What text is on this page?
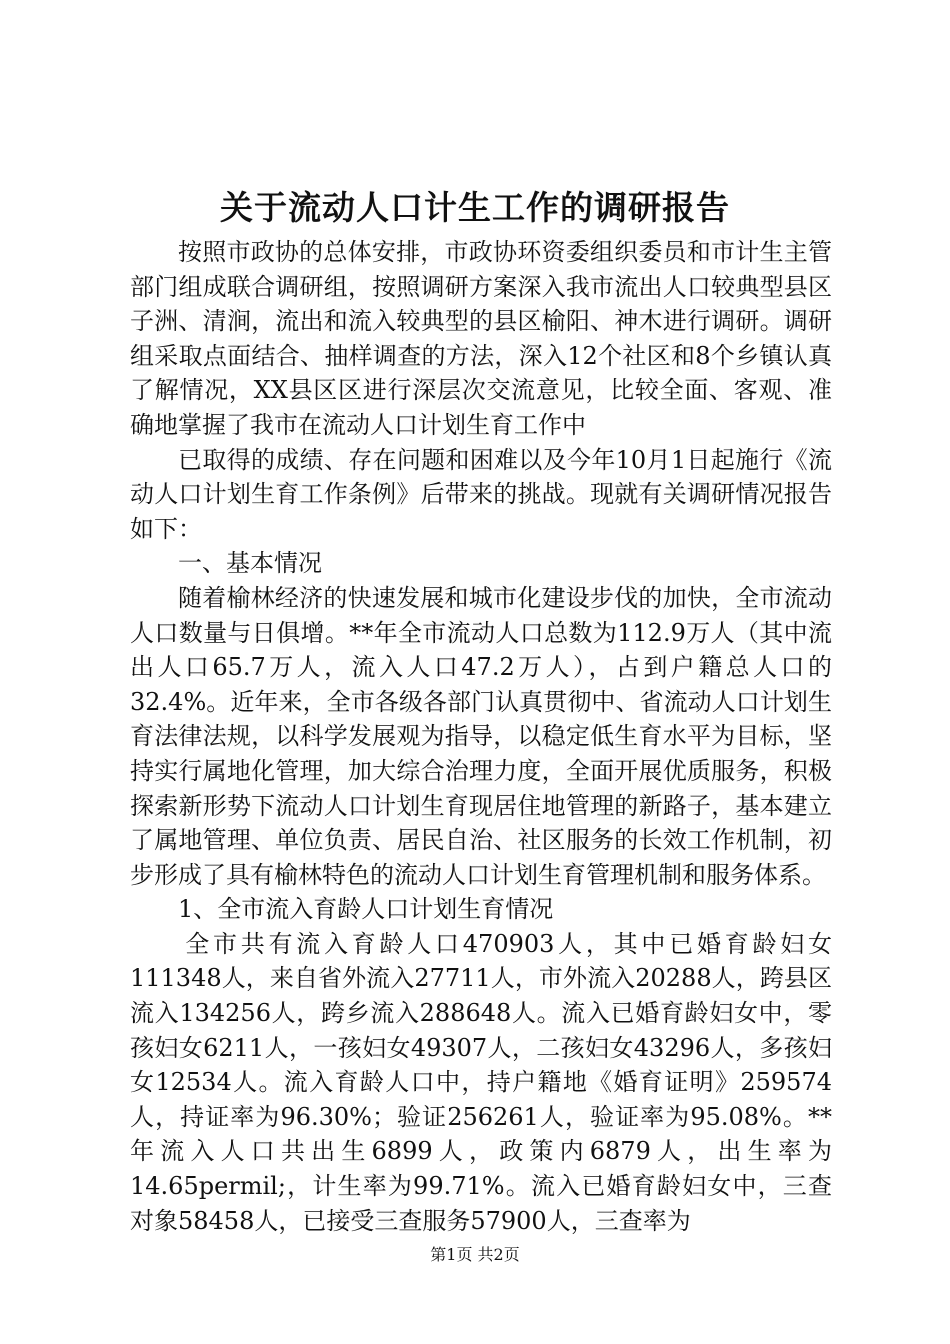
关于流动人口计生工作的调研报告

按照市政协的总体安排，市政协环资委组织委员和市计生主管部门组成联合调研组，按照调研方案深入我市流出人口较典型县区子洲、清涧，流出和流入较典型的县区榆阳、神木进行调研。调研组采取点面结合、抽样调查的方法，深入12个社区和8个乡镇认真了解情况，XX县区区进行深层次交流意见，比较全面、客观、准确地掌握了我市在流动人口计划生育工作中

已取得的成绩、存在问题和困难以及今年10月1日起施行《流动人口计划生育工作条例》后带来的挑战。现就有关调研情况报告如下：

一、基本情况

随着榆林经济的快速发展和城市化建设步伐的加快，全市流动人口数量与日俱增。**年全市流动人口总数为112.9万人（其中流出人口65.7万人，流入人口47.2万人），占到户籍总人口的32.4%。近年来，全市各级各部门认真贯彻中、省流动人口计划生育法律法规，以科学发展观为指导，以稳定低生育水平为目标，坚持实行属地化管理，加大综合治理力度，全面开展优质服务，积极探索新形势下流动人口计划生育现居住地管理的新路子，基本建立了属地管理、单位负责、居民自治、社区服务的长效工作机制，初步形成了具有榆林特色的流动人口计划生育管理机制和服务体系。

1、全市流入育龄人口计划生育情况

全市共有流入育龄人口470903人，其中已婚育龄妇女111348人，来自省外流入27711人，市外流入20288人，跨县区流入134256人，跨乡流入288648人。流入已婚育龄妇女中，零孩妇女6211人，一孩妇女49307人，二孩妇女43296人，多孩妇女12534人。流入育龄人口中，持户籍地《婚育证明》259574人，持证率为96.30%；验证256261人，验证率为95.08%。**年流入人口共出生6899人，政策内6879人，出生率为14.65permil;，计生率为99.71%。流入已婚育龄妇女中，三查对象58458人，已接受三查服务57900人，三查率为

第1页 共2页
